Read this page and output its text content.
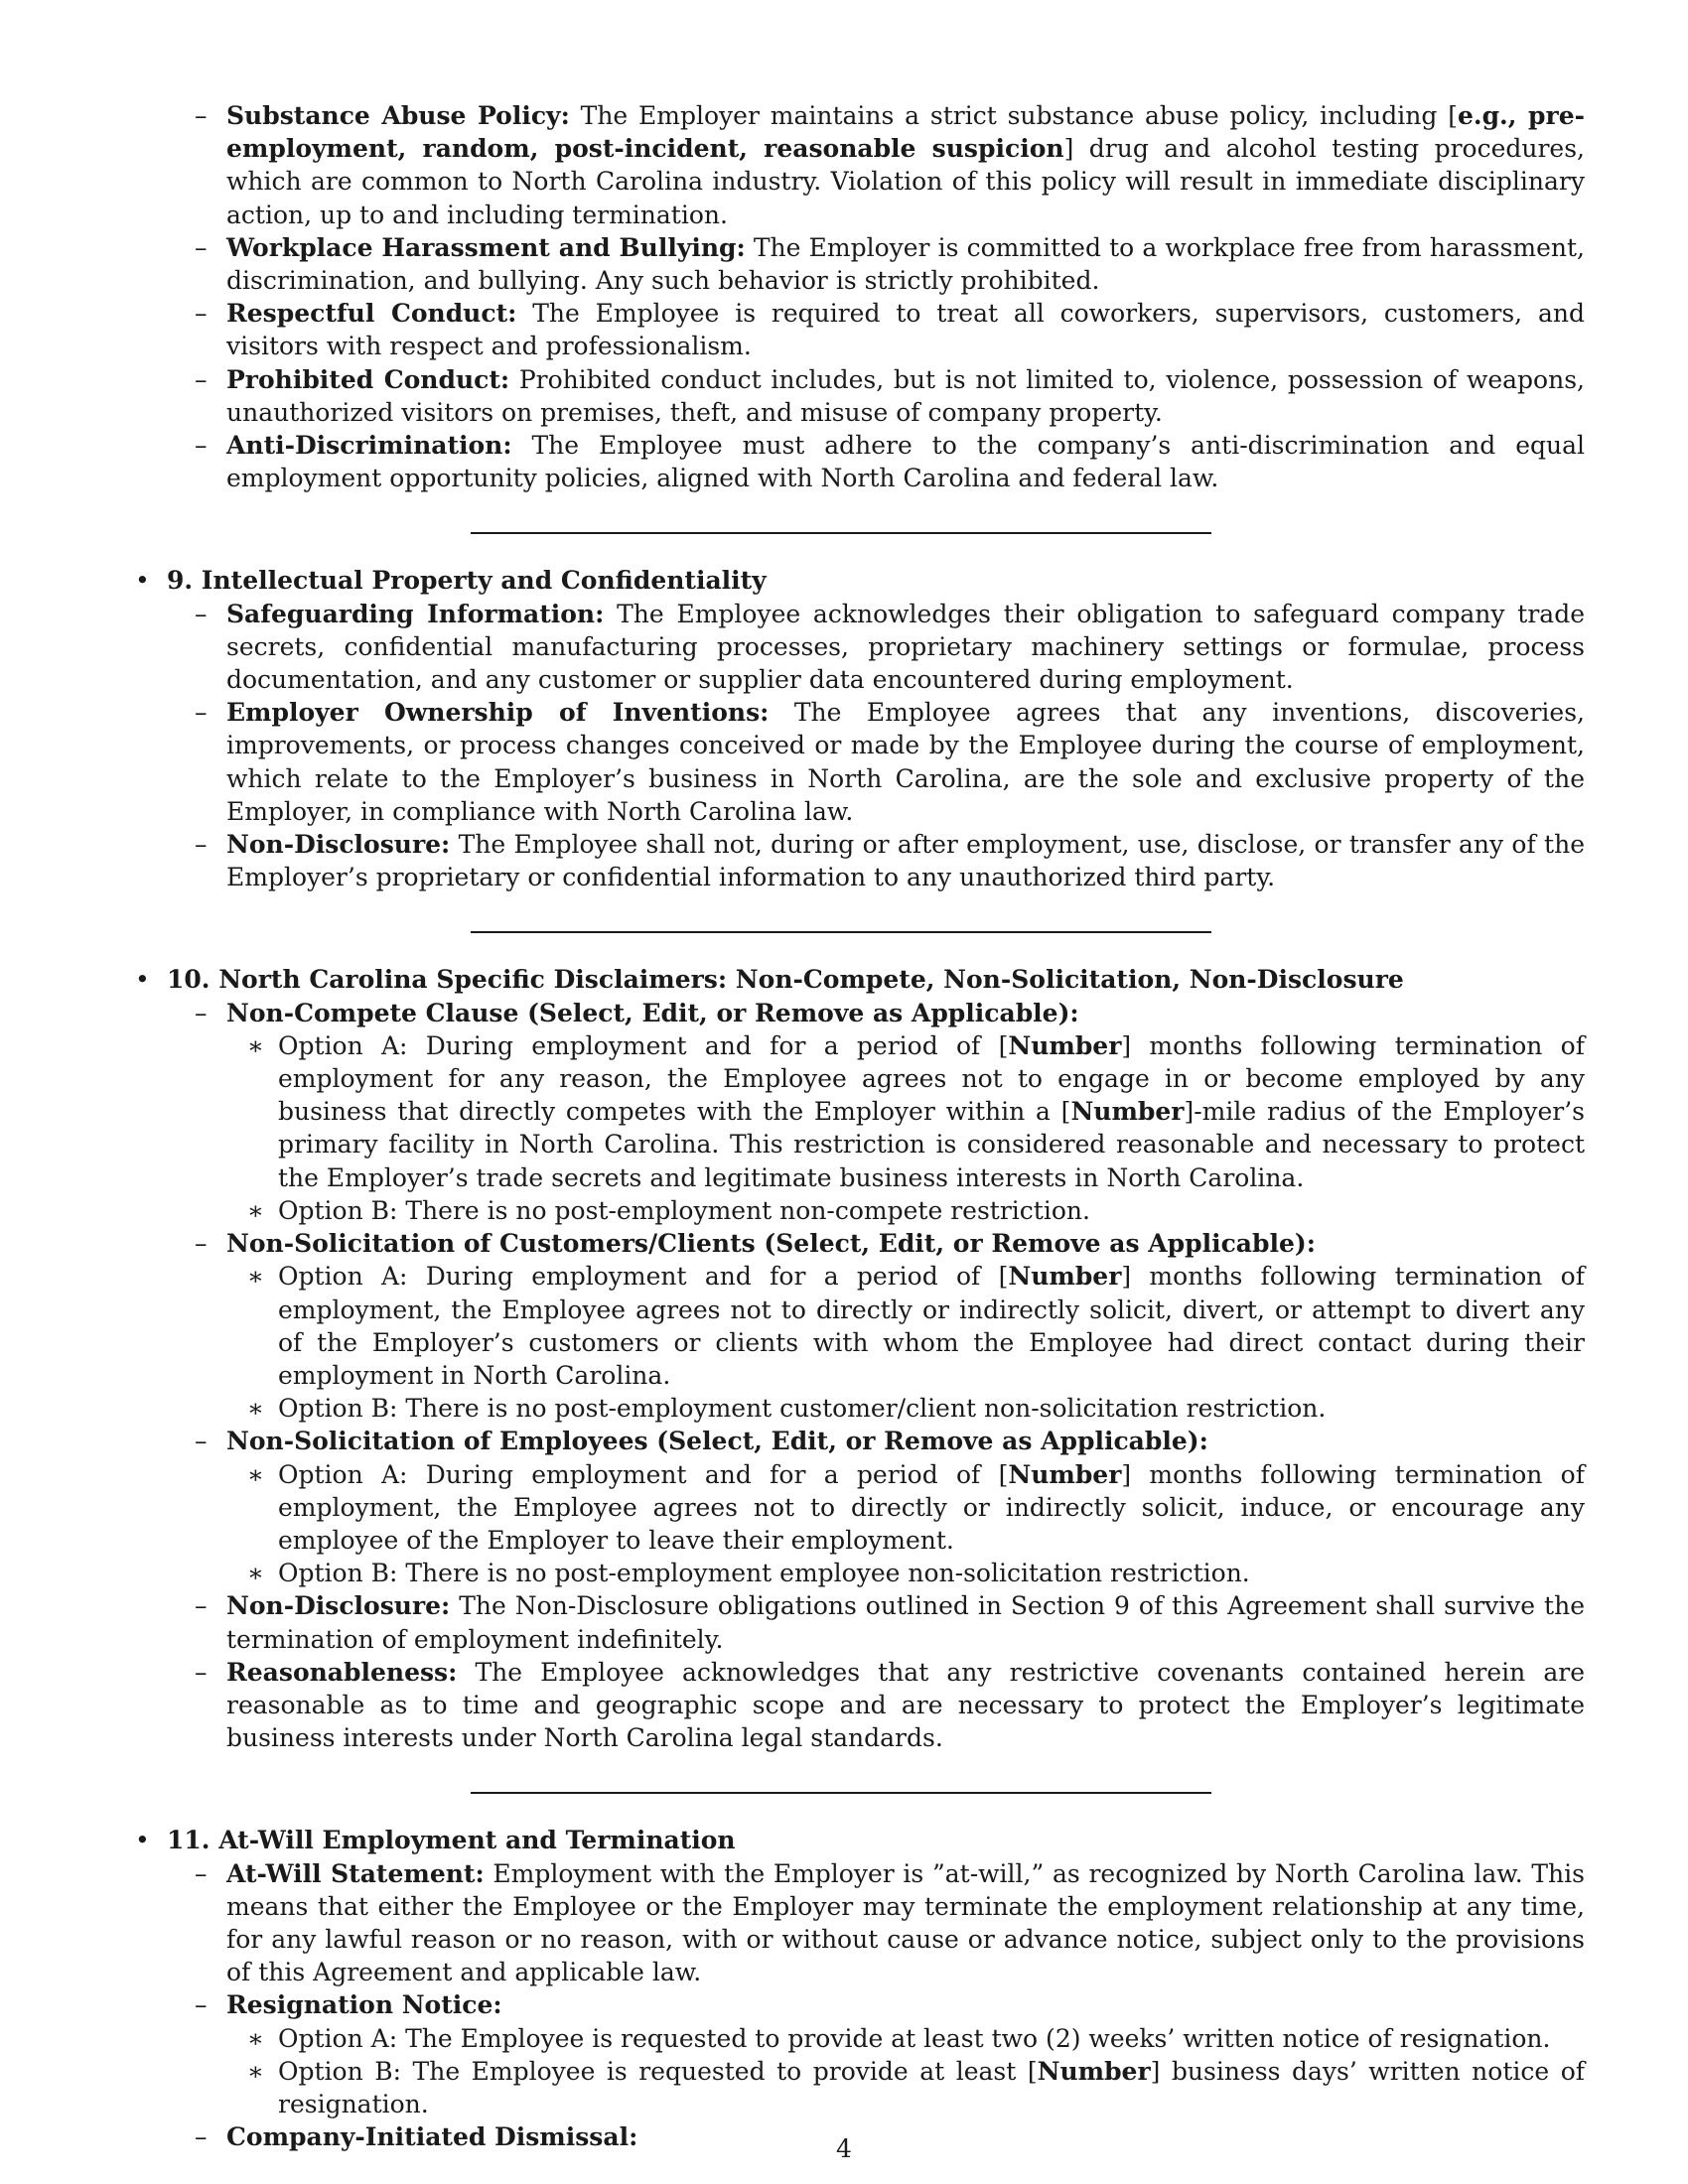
– Substance Abuse Policy: The Employer maintains a strict substance abuse policy, including [e.g., pre-employment, random, post-incident, reasonable suspicion] drug and alcohol testing procedures, which are common to North Carolina industry. Violation of this policy will result in immediate disciplinary action, up to and including termination.

– Workplace Harassment and Bullying: The Employer is committed to a workplace free from harassment, discrimination, and bullying. Any such behavior is strictly prohibited.

– Respectful Conduct: The Employee is required to treat all coworkers, supervisors, customers, and visitors with respect and professionalism.

– Prohibited Conduct: Prohibited conduct includes, but is not limited to, violence, possession of weapons, unauthorized visitors on premises, theft, and misuse of company property.

– Anti-Discrimination: The Employee must adhere to the company’s anti-discrimination and equal employment opportunity policies, aligned with North Carolina and federal law.

• 9. Intellectual Property and Confidentiality

– Safeguarding Information: The Employee acknowledges their obligation to safeguard company trade secrets, confidential manufacturing processes, proprietary machinery settings or formulae, process documentation, and any customer or supplier data encountered during employment.

– Employer Ownership of Inventions: The Employee agrees that any inventions, discoveries, improvements, or process changes conceived or made by the Employee during the course of employment, which relate to the Employer’s business in North Carolina, are the sole and exclusive property of the Employer, in compliance with North Carolina law.

– Non-Disclosure: The Employee shall not, during or after employment, use, disclose, or transfer any of the Employer’s proprietary or confidential information to any unauthorized third party.

• 10. North Carolina Specific Disclaimers: Non-Compete, Non-Solicitation, Non-Disclosure

– Non-Compete Clause (Select, Edit, or Remove as Applicable):

∗ Option A: During employment and for a period of [Number] months following termination of employment for any reason, the Employee agrees not to engage in or become employed by any business that directly competes with the Employer within a [Number]-mile radius of the Employer’s primary facility in North Carolina. This restriction is considered reasonable and necessary to protect the Employer’s trade secrets and legitimate business interests in North Carolina.

∗ Option B: There is no post-employment non-compete restriction.

– Non-Solicitation of Customers/Clients (Select, Edit, or Remove as Applicable):

∗ Option A: During employment and for a period of [Number] months following termination of employment, the Employee agrees not to directly or indirectly solicit, divert, or attempt to divert any of the Employer’s customers or clients with whom the Employee had direct contact during their employment in North Carolina.

∗ Option B: There is no post-employment customer/client non-solicitation restriction.

– Non-Solicitation of Employees (Select, Edit, or Remove as Applicable):

∗ Option A: During employment and for a period of [Number] months following termination of employment, the Employee agrees not to directly or indirectly solicit, induce, or encourage any employee of the Employer to leave their employment.

∗ Option B: There is no post-employment employee non-solicitation restriction.

– Non-Disclosure: The Non-Disclosure obligations outlined in Section 9 of this Agreement shall survive the termination of employment indefinitely.

– Reasonableness: The Employee acknowledges that any restrictive covenants contained herein are reasonable as to time and geographic scope and are necessary to protect the Employer’s legitimate business interests under North Carolina legal standards.

• 11. At-Will Employment and Termination

– At-Will Statement: Employment with the Employer is ”at-will,” as recognized by North Carolina law. This means that either the Employee or the Employer may terminate the employment relationship at any time, for any lawful reason or no reason, with or without cause or advance notice, subject only to the provisions of this Agreement and applicable law.

– Resignation Notice:

∗ Option A: The Employee is requested to provide at least two (2) weeks’ written notice of resignation.

∗ Option B: The Employee is requested to provide at least [Number] business days’ written notice of resignation.

– Company-Initiated Dismissal:	4
